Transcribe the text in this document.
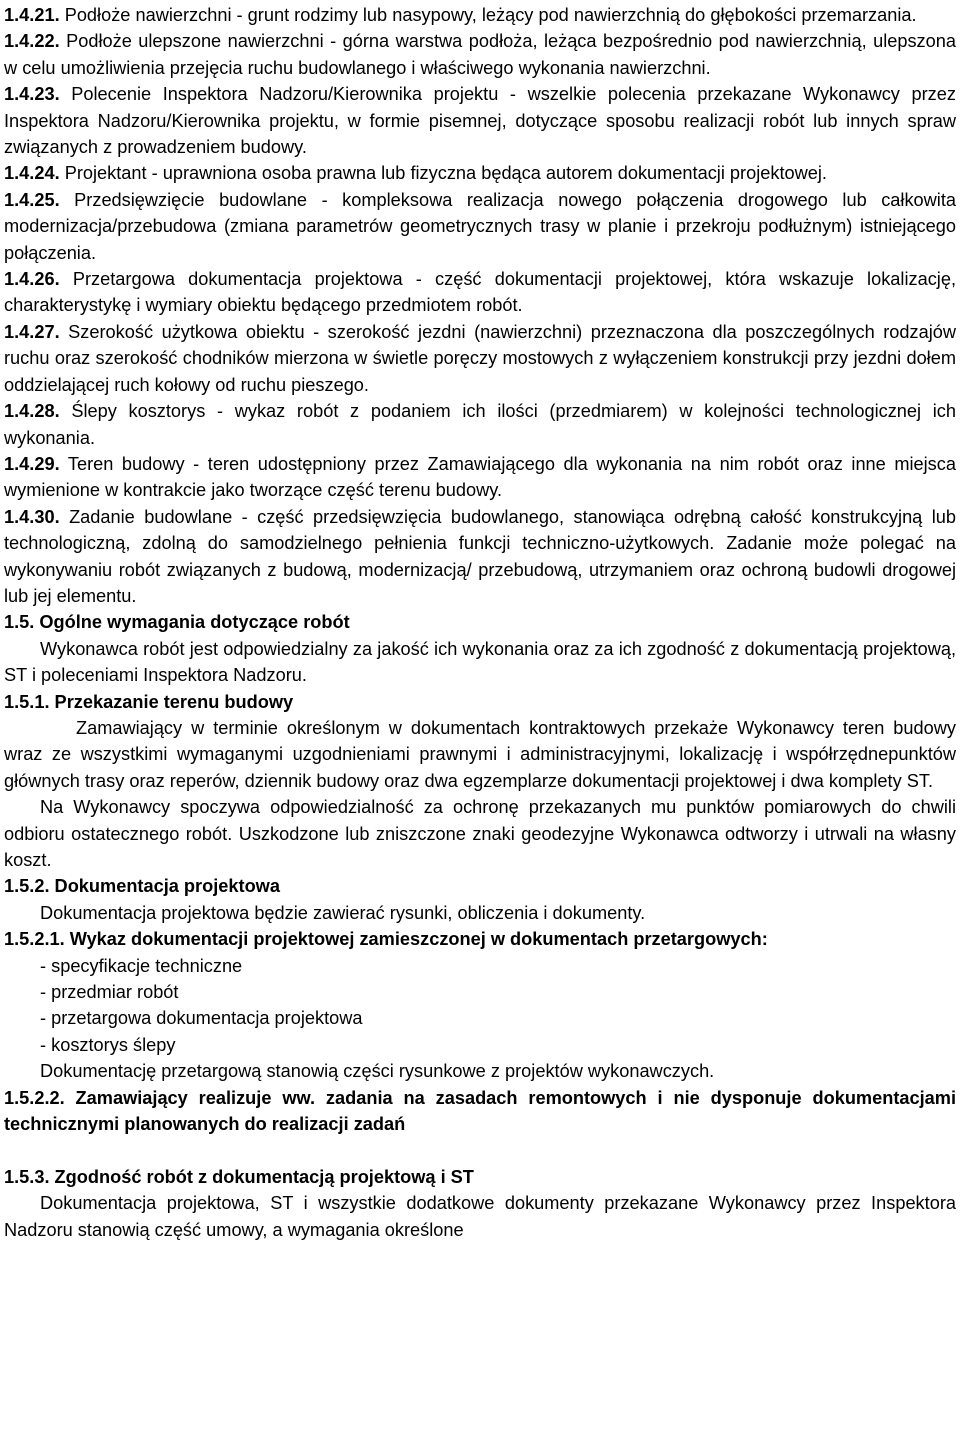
1.4.21. Podłoże nawierzchni - grunt rodzimy lub nasypowy, leżący pod nawierzchnią do głębokości przemarzania.

1.4.22. Podłoże ulepszone nawierzchni - górna warstwa podłoża, leżąca bezpośrednio pod nawierzchnią, ulepszona w celu umożliwienia przejęcia ruchu budowlanego i właściwego wykonania nawierzchni.

1.4.23. Polecenie Inspektora Nadzoru/Kierownika projektu - wszelkie polecenia przekazane Wykonawcy przez Inspektora Nadzoru/Kierownika projektu, w formie pisemnej, dotyczące sposobu realizacji robót lub innych spraw związanych z prowadzeniem budowy.

1.4.24. Projektant - uprawniona osoba prawna lub fizyczna będąca autorem dokumentacji projektowej.

1.4.25. Przedsięwzięcie budowlane - kompleksowa realizacja nowego połączenia drogowego lub całkowita modernizacja/przebudowa (zmiana parametrów geometrycznych trasy w planie i przekroju podłużnym) istniejącego połączenia.

1.4.26. Przetargowa dokumentacja projektowa - część dokumentacji projektowej, która wskazuje lokalizację, charakterystykę i wymiary obiektu będącego przedmiotem robót.

1.4.27. Szerokość użytkowa obiektu - szerokość jezdni (nawierzchni) przeznaczona dla poszczególnych rodzajów ruchu oraz szerokość chodników mierzona w świetle poręczy mostowych z wyłączeniem konstrukcji przy jezdni dołem oddzielającej ruch kołowy od ruchu pieszego.

1.4.28. Ślepy kosztorys - wykaz robót z podaniem ich ilości (przedmiarem) w kolejności technologicznej ich wykonania.

1.4.29. Teren budowy - teren udostępniony przez Zamawiającego dla wykonania na nim robót oraz inne miejsca wymienione w kontrakcie jako tworzące część terenu budowy.

1.4.30. Zadanie budowlane - część przedsięwzięcia budowlanego, stanowiąca odrębną całość konstrukcyjną lub technologiczną, zdolną do samodzielnego pełnienia funkcji techniczno-użytkowych. Zadanie może polegać na wykonywaniu robót związanych z budową, modernizacją/ przebudową, utrzymaniem oraz ochroną budowli drogowej lub jej elementu.

1.5. Ogólne wymagania dotyczące robót

Wykonawca robót jest odpowiedzialny za jakość ich wykonania oraz za ich zgodność z dokumentacją projektową, ST i poleceniami Inspektora Nadzoru.

1.5.1. Przekazanie terenu budowy

Zamawiający w terminie określonym w dokumentach kontraktowych przekaże Wykonawcy teren budowy wraz ze wszystkimi wymaganymi uzgodnieniami prawnymi i administracyjnymi, lokalizację i współrzędnepunktów głównych trasy oraz reperów, dziennik budowy oraz dwa egzemplarze dokumentacji projektowej i dwa komplety ST.

Na Wykonawcy spoczywa odpowiedzialność za ochronę przekazanych mu punktów pomiarowych do chwili odbioru ostatecznego robót. Uszkodzone lub zniszczone znaki geodezyjne Wykonawca odtworzy i utrwali na własny koszt.

1.5.2. Dokumentacja projektowa

Dokumentacja projektowa będzie zawierać rysunki, obliczenia i dokumenty.

1.5.2.1. Wykaz dokumentacji projektowej zamieszczonej w dokumentach przetargowych:

- specyfikacje techniczne

- przedmiar robót

- przetargowa dokumentacja projektowa

- kosztorys ślepy

Dokumentację przetargową stanowią części rysunkowe z projektów wykonawczych.

1.5.2.2. Zamawiający realizuje ww. zadania na zasadach remontowych i nie dysponuje dokumentacjami technicznymi planowanych do realizacji zadań

1.5.3. Zgodność robót z dokumentacją projektową i ST

Dokumentacja projektowa, ST i wszystkie dodatkowe dokumenty przekazane Wykonawcy przez Inspektora Nadzoru stanowią część umowy, a wymagania określone
